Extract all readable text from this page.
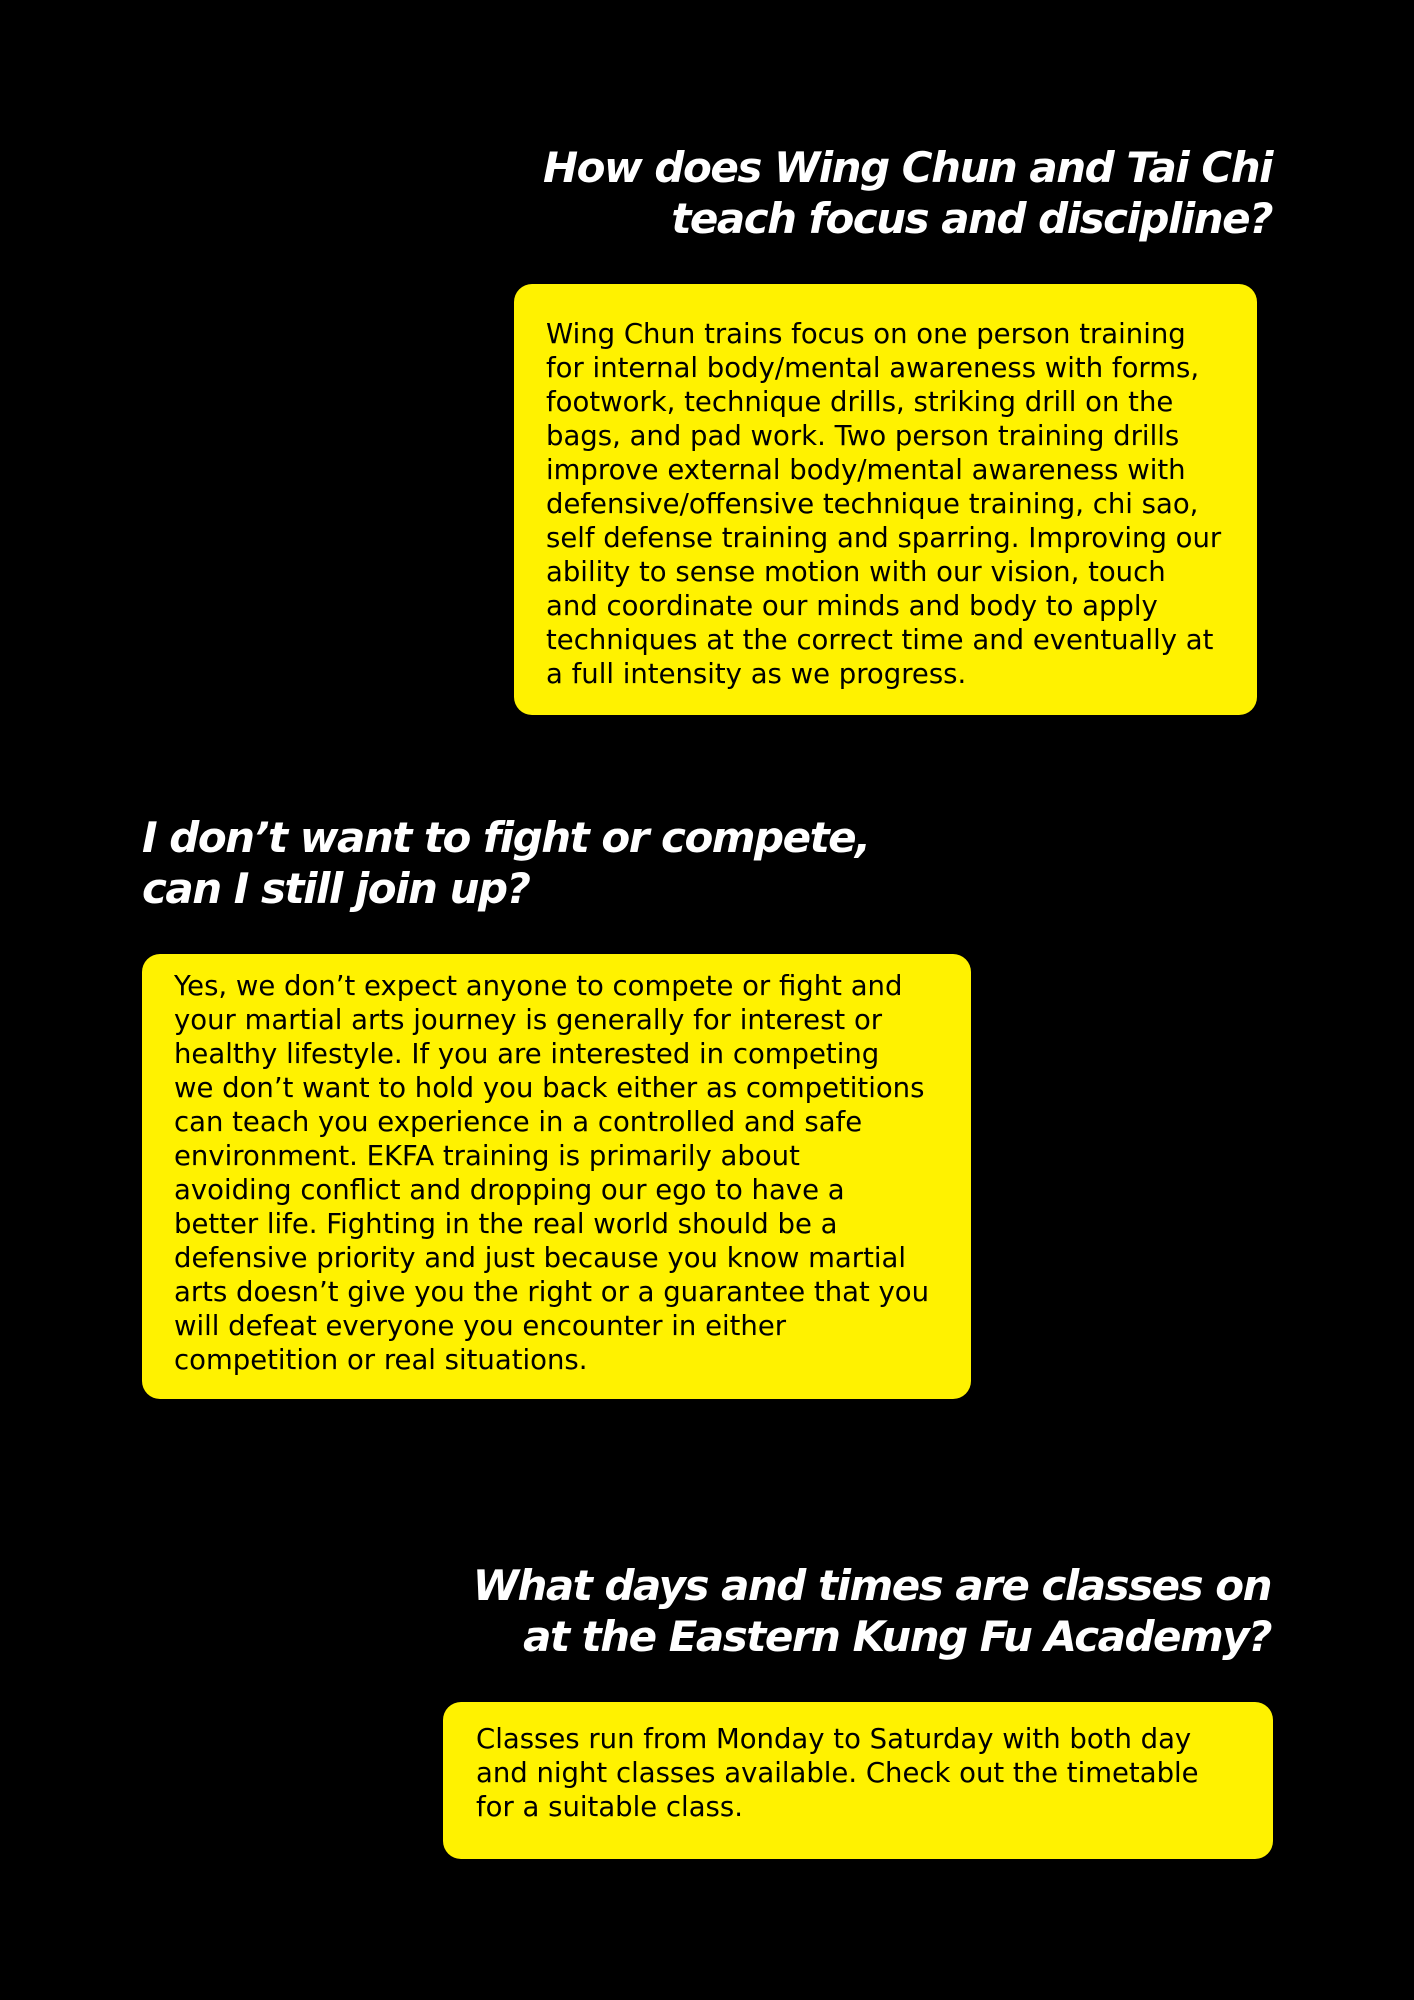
How does Wing Chun and Tai Chi
teach focus and discipline?
Wing Chun trains focus on one person training
for internal body/mental awareness with forms,
footwork, technique drills, striking drill on the
bags, and pad work. Two person training drills
improve external body/mental awareness with
defensive/offensive technique training, chi sao,
self defense training and sparring. Improving our
ability to sense motion with our vision, touch
and coordinate our minds and body to apply
techniques at the correct time and eventually at
a full intensity as we progress.
I don’t want to fight or compete,
can I still join up?
Yes, we don’t expect anyone to compete or fight and
your martial arts journey is generally for interest or
healthy lifestyle. If you are interested in competing
we don’t want to hold you back either as competitions
can teach you experience in a controlled and safe
environment. EKFA training is primarily about
avoiding conflict and dropping our ego to have a
better life. Fighting in the real world should be a
defensive priority and just because you know martial
arts doesn’t give you the right or a guarantee that you
will defeat everyone you encounter in either
competition or real situations.
What days and times are classes on
at the Eastern Kung Fu Academy?
Classes run from Monday to Saturday with both day
and night classes available. Check out the timetable
for a suitable class.
